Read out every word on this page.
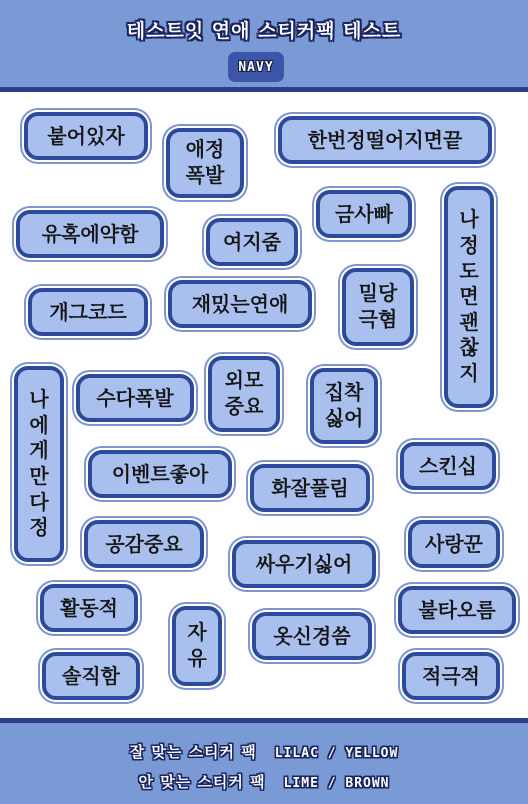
테스트잇 연애 스티커팩 테스트
NAVY
붙어있자
애정
폭발
한번정떨어지면끝
유혹에약함	여지줌
금사빠	나
정
도
면
괜
찮
지
개그코드	재밌는연애	밀당
극혐
나
에
게
만
다
정
수다폭발
외모
중요
집착
싫어
이벤트좋아
화잘풀림
스킨십
공감중요
싸우기싫어
사랑꾼
활동적
자
유
옷신경씀
불타오름
솔직함	적극적
잘 맞는 스티커 팩 LILAC / YELLOW
안 맞는 스티커 팩 LIME / BROWN
